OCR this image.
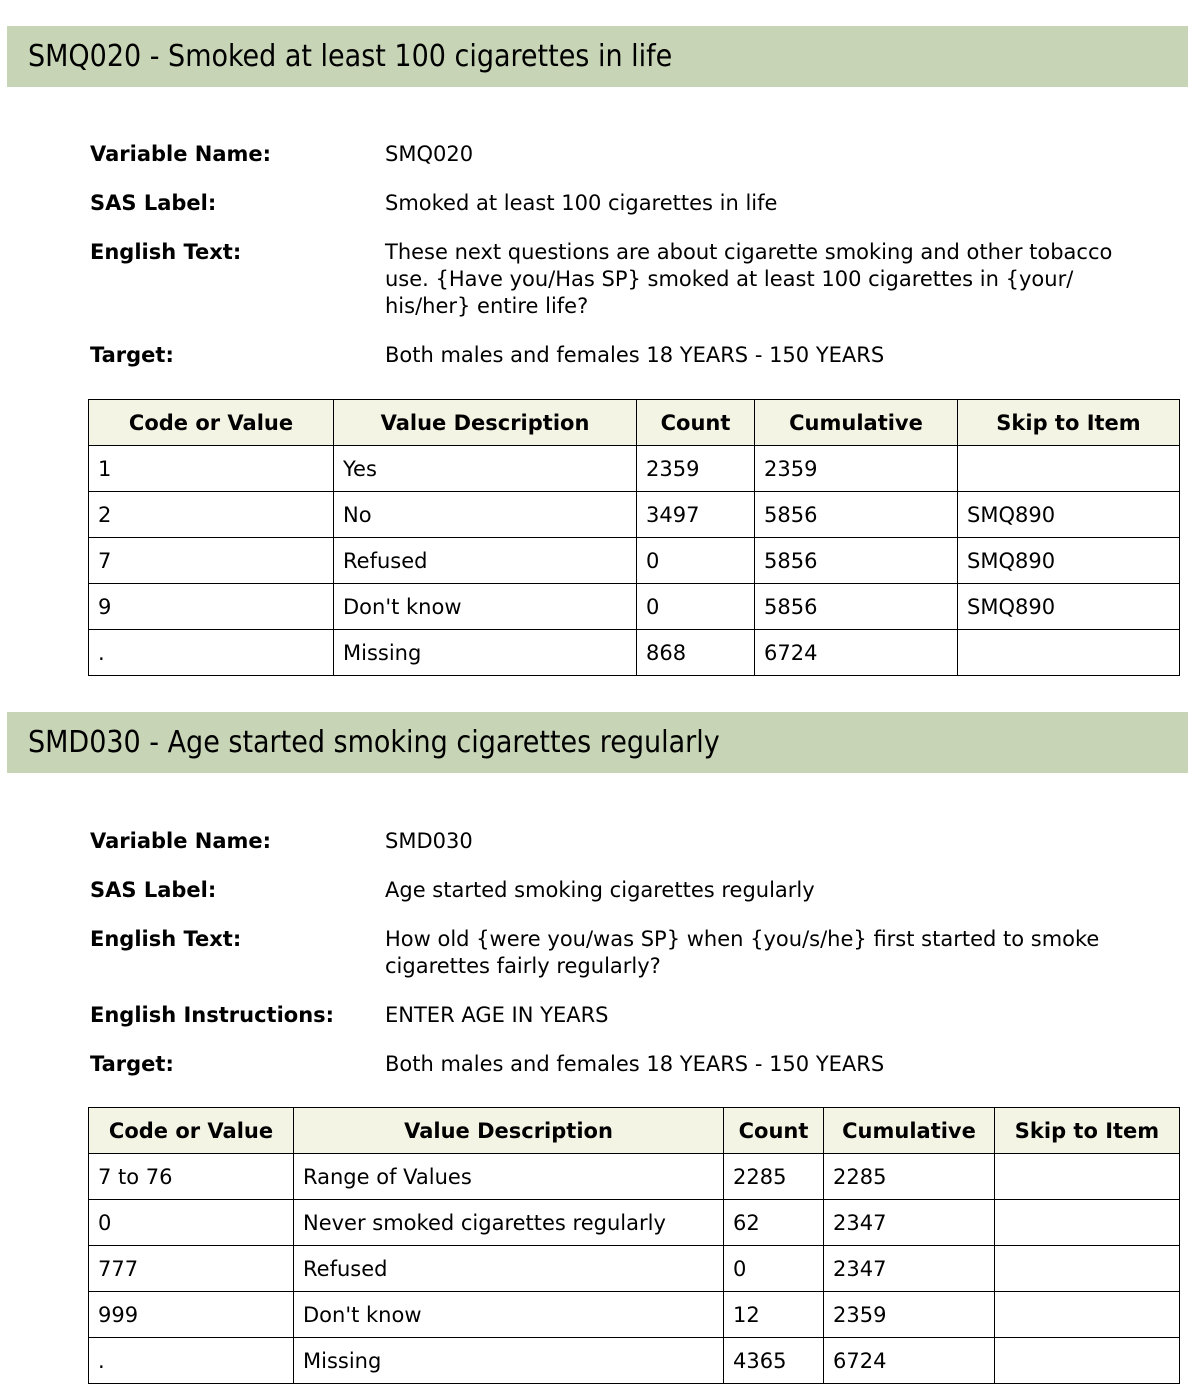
SMQ020 - Smoked at least 100 cigarettes in life
Variable Name:	SMQ020
SAS Label:	Smoked at least 100 cigarettes in life
English Text:	These next questions are about cigarette smoking and other tobacco use. {Have you/Has SP} smoked at least 100 cigarettes in {your/ his/her} entire life?
Target:	Both males and females 18 YEARS - 150 YEARS
Code or Value	Value Description	Count	Cumulative	Skip to Item
1	Yes	2359	2359	
2	No	3497	5856	SMQ890
7	Refused	0	5856	SMQ890
9	Don't know	0	5856	SMQ890
.	Missing	868	6724	
SMD030 - Age started smoking cigarettes regularly
Variable Name:	SMD030
SAS Label:	Age started smoking cigarettes regularly
English Text:	How old {were you/was SP} when {you/s/he} first started to smoke cigarettes fairly regularly?
English Instructions:	ENTER AGE IN YEARS
Target:	Both males and females 18 YEARS - 150 YEARS
Code or Value	Value Description	Count	Cumulative	Skip to Item
7 to 76	Range of Values	2285	2285	
0	Never smoked cigarettes regularly	62	2347	
777	Refused	0	2347	
999	Don't know	12	2359	
.	Missing	4365	6724	
